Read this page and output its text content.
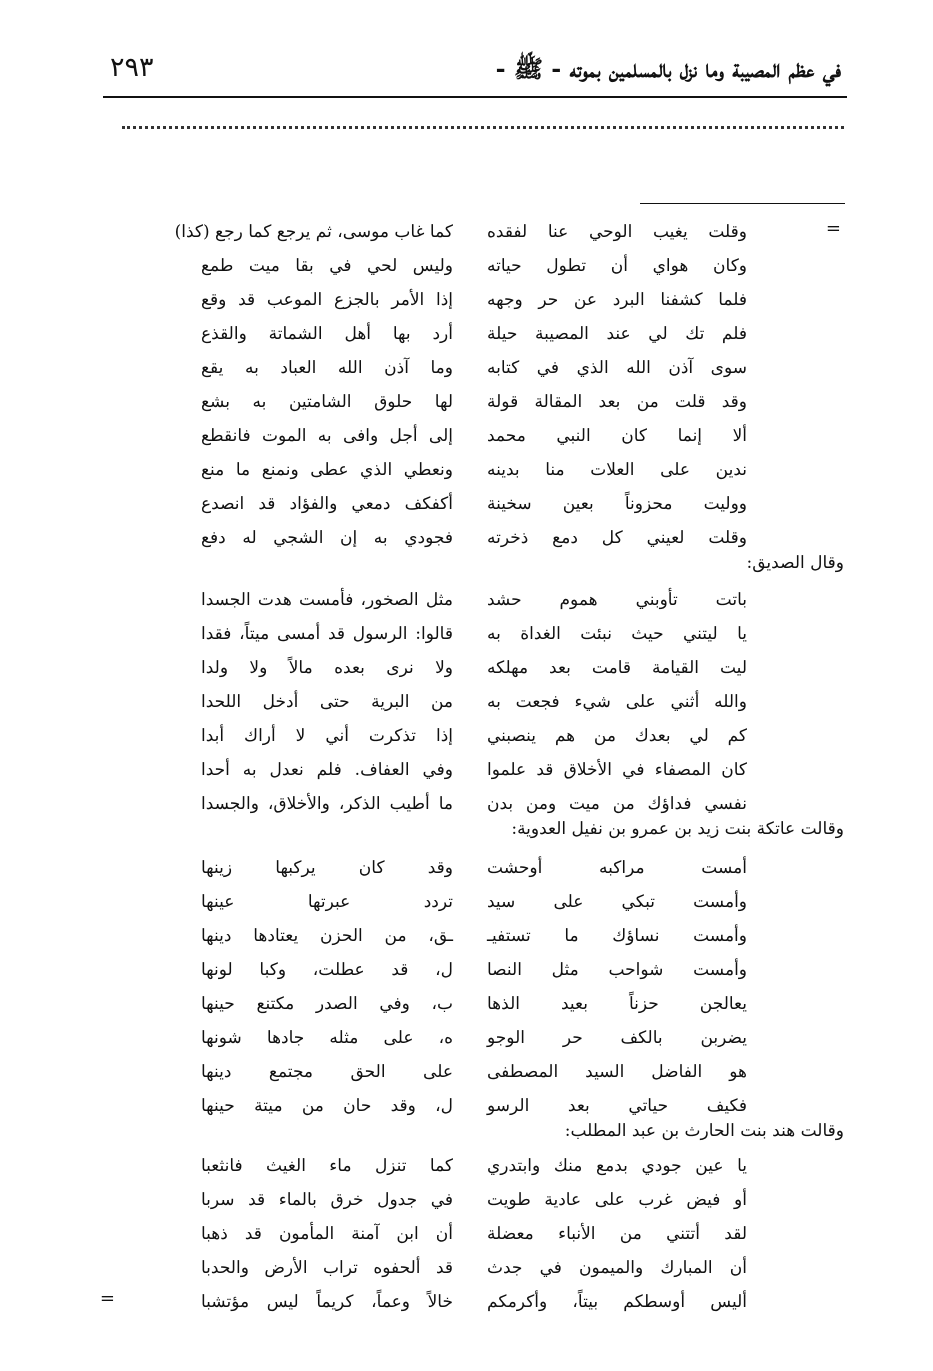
٢٩٣	في عظم المصيبة وما نزل بالمسلمين بموته - ﷺ -
=
=
وقلت يغيب الوحي عنا لفقده
كما غاب موسى، ثم يرجع كما رجع (كذا)
وكان هواي أن تطول حياته
وليس لحي في بقا ميت طمع
فلما كشفنا البرد عن حر وجهه
إذا الأمر بالجزع الموعب قد وقع
فلم تك لي عند المصيبة حيلة
أرد بها أهل الشماتة والقذع
سوى آذن الله الذي في كتابه
وما آذن الله العباد به يقع
وقد قلت من بعد المقالة قولة
لها حلوق الشامتين به بشع
ألا إنما كان النبي محمد
إلى أجل وافى به الموت فانقطع
ندين على العلات منا بدينه
ونعطي الذي عطى ونمنع ما منع
ووليت محزوناً بعين سخينة
أكفكف دمعي والفؤاد قد انصدع
وقلت لعيني كل دمع ذخرته
فجودي به إن الشجي له دفع
وقال الصديق:
باتت تأوبني هموم حشد
مثل الصخور، فأمست هدت الجسدا
يا ليتني حيث نبئت الغداة به
قالوا: الرسول قد أمسى ميتاً، فقدا
ليت القيامة قامت بعد مهلكه
ولا نرى بعده مالاً ولا ولدا
والله أثني على شيء فجعت به
من البرية حتى أدخل اللحدا
كم لي بعدك من هم ينصبني
إذا تذكرت أني لا أراك أبدا
كان المصفاء في الأخلاق قد علموا
وفي العفاف. فلم نعدل به أحدا
نفسي فداؤك من ميت ومن بدن
ما أطيب الذكر، والأخلاق، والجسدا
وقالت عاتكة بنت زيد بن عمرو بن نفيل العدوية:
أمست مراكبه أوحشت
وقد كان يركبها زينها
وأمست تبكي على سيد
تردد عبرتها عينها
وأمست نساؤك ما تستفيـ
ـق، من الحزن يعتادها دينها
وأمست شواحب مثل النصا
ل، قد عطلت، وكبا لونها
يعالجن حزناً بعيد الذها
ب، وفي الصدر مكتنع حينها
يضربن بالكف حر الوجو
ه، على مثله جادها شونها
هو الفاضل السيد المصطفى
على الحق مجتمع دينها
فكيف حياتي بعد الرسو
ل، وقد حان من ميتة حينها
وقالت هند بنت الحارث بن عبد المطلب:
يا عين جودي بدمع منك وابتدري
كما تنزل ماء الغيث فانثعبا
أو فيض غرب على عادية طويت
في جدول خرق بالماء قد سربا
لقد أتتني من الأنباء معضلة
أن ابن آمنة المأمون قد ذهبا
أن المبارك والميمون في جدث
قد ألحفوه تراب الأرض والحدبا
أليس أوسطكم بيتاً، وأكرمكم
خالاً وعماً، كريماً ليس مؤتشبا
